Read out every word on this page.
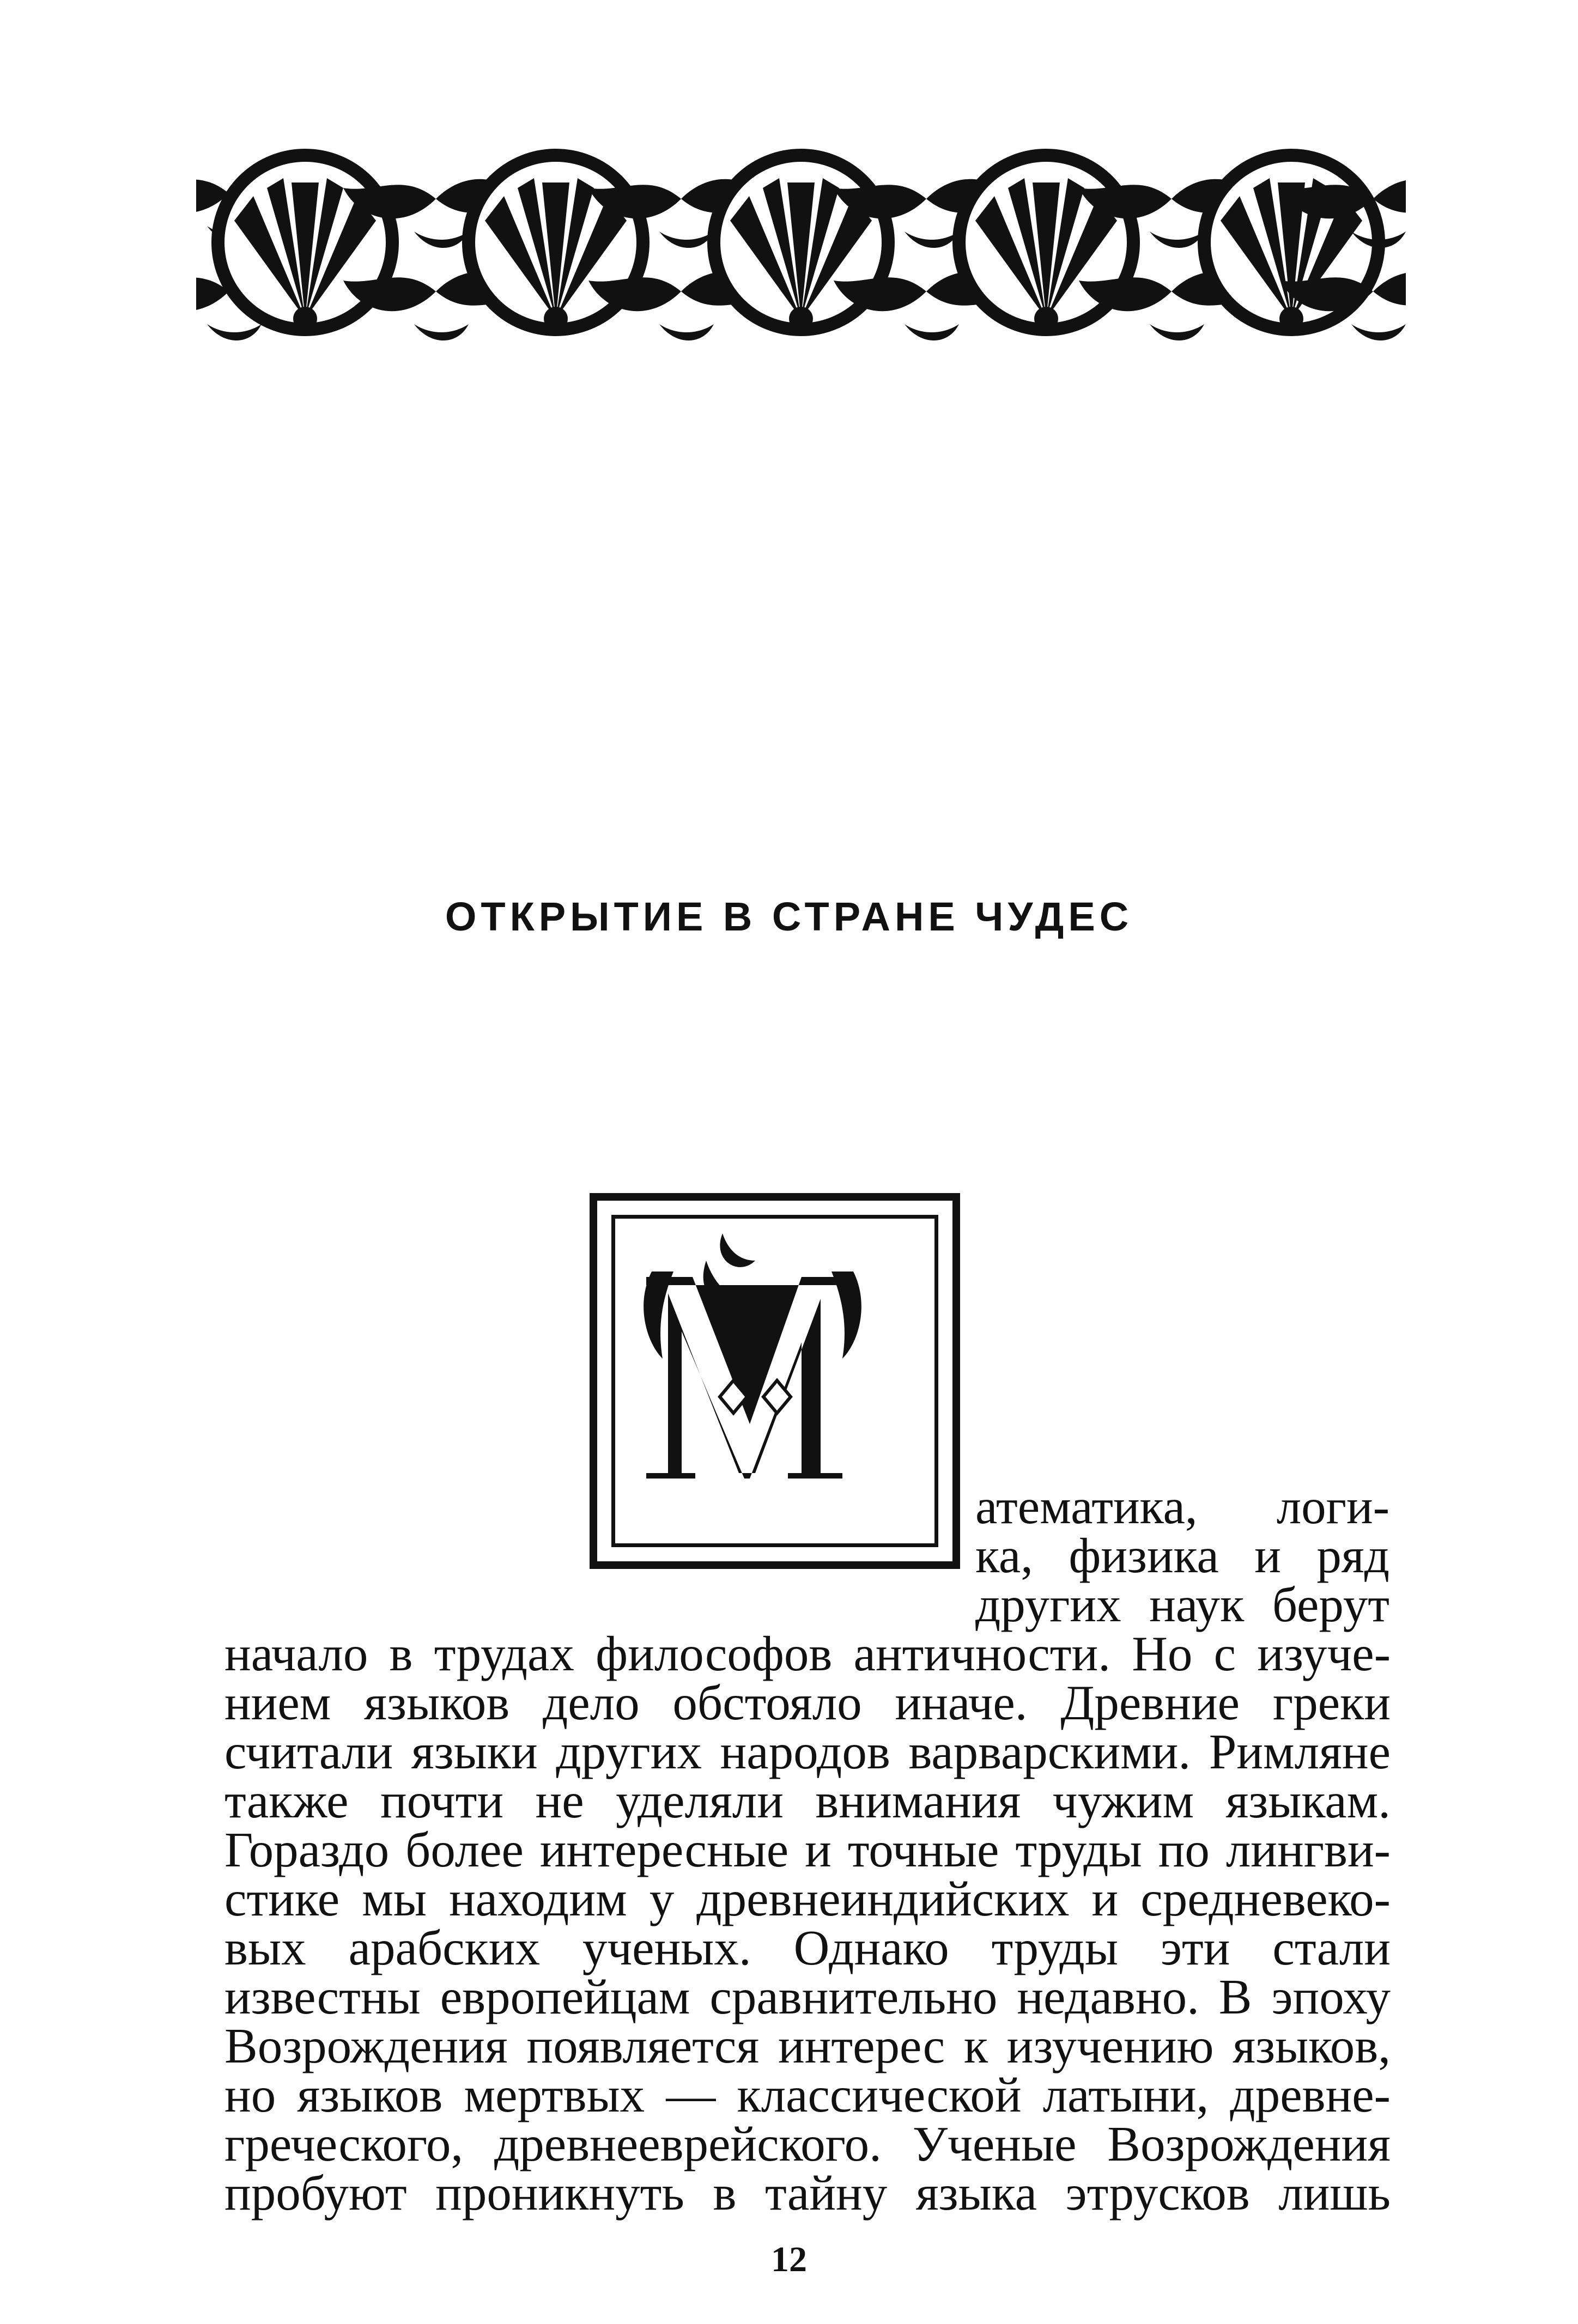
ОТКРЫТИЕ В СТРАНЕ ЧУДЕС
атематика, логи-
ка, физика и ряд
других наук берут
начало в трудах философов античности. Но с изуче-
нием языков дело обстояло иначе. Древние греки
считали языки других народов варварскими. Римляне
также почти не уделяли внимания чужим языкам.
Гораздо более интересные и точные труды по лингви-
стике мы находим у древнеиндийских и средневеко-
вых арабских ученых. Однако труды эти стали
известны европейцам сравнительно недавно. В эпоху
Возрождения появляется интерес к изучению языков,
но языков мертвых — классической латыни, древне-
греческого, древнееврейского. Ученые Возрождения
пробуют проникнуть в тайну языка этрусков лишь
12
